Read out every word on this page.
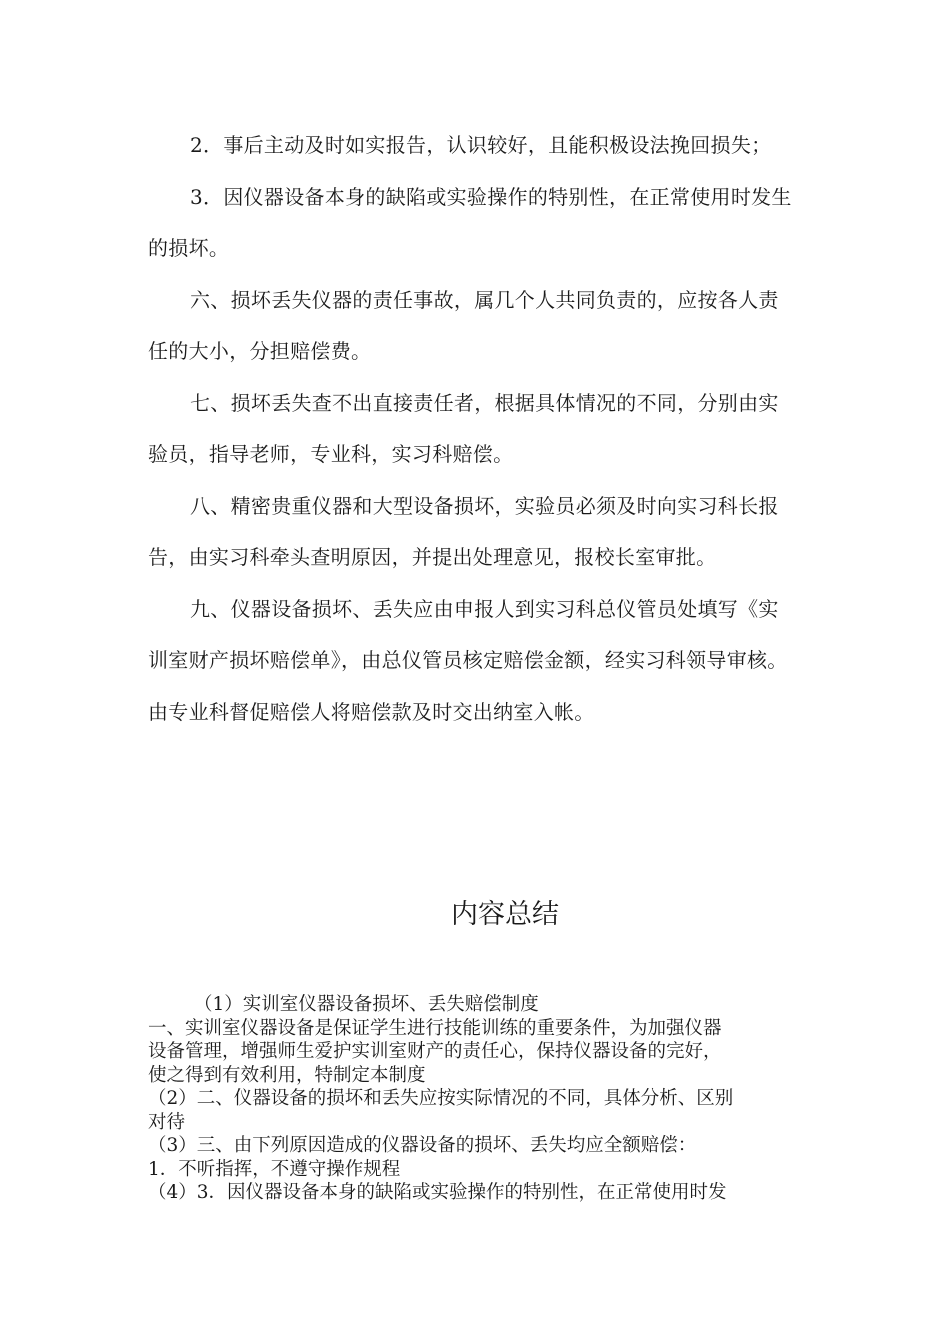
2．事后主动及时如实报告，认识较好，且能积极设法挽回损失；

3．因仪器设备本身的缺陷或实验操作的特别性，在正常使用时发生的损坏。

六、损坏丢失仪器的责任事故，属几个人共同负责的，应按各人责任的大小，分担赔偿费。

七、损坏丢失查不出直接责任者，根据具体情况的不同，分别由实验员，指导老师，专业科，实习科赔偿。

八、精密贵重仪器和大型设备损坏，实验员必须及时向实习科长报告，由实习科牵头查明原因，并提出处理意见，报校长室审批。

九、仪器设备损坏、丢失应由申报人到实习科总仪管员处填写《实训室财产损坏赔偿单》，由总仪管员核定赔偿金额，经实习科领导审核。由专业科督促赔偿人将赔偿款及时交出纳室入帐。

内容总结

（1）实训室仪器设备损坏、丢失赔偿制度

一、实训室仪器设备是保证学生进行技能训练的重要条件，为加强仪器

设备管理，增强师生爱护实训室财产的责任心，保持仪器设备的完好，

使之得到有效利用，特制定本制度

（2）二、仪器设备的损坏和丢失应按实际情况的不同，具体分析、区别

对待

（3）三、由下列原因造成的仪器设备的损坏、丢失均应全额赔偿：

1．不听指挥，不遵守操作规程

（4）3．因仪器设备本身的缺陷或实验操作的特别性，在正常使用时发
